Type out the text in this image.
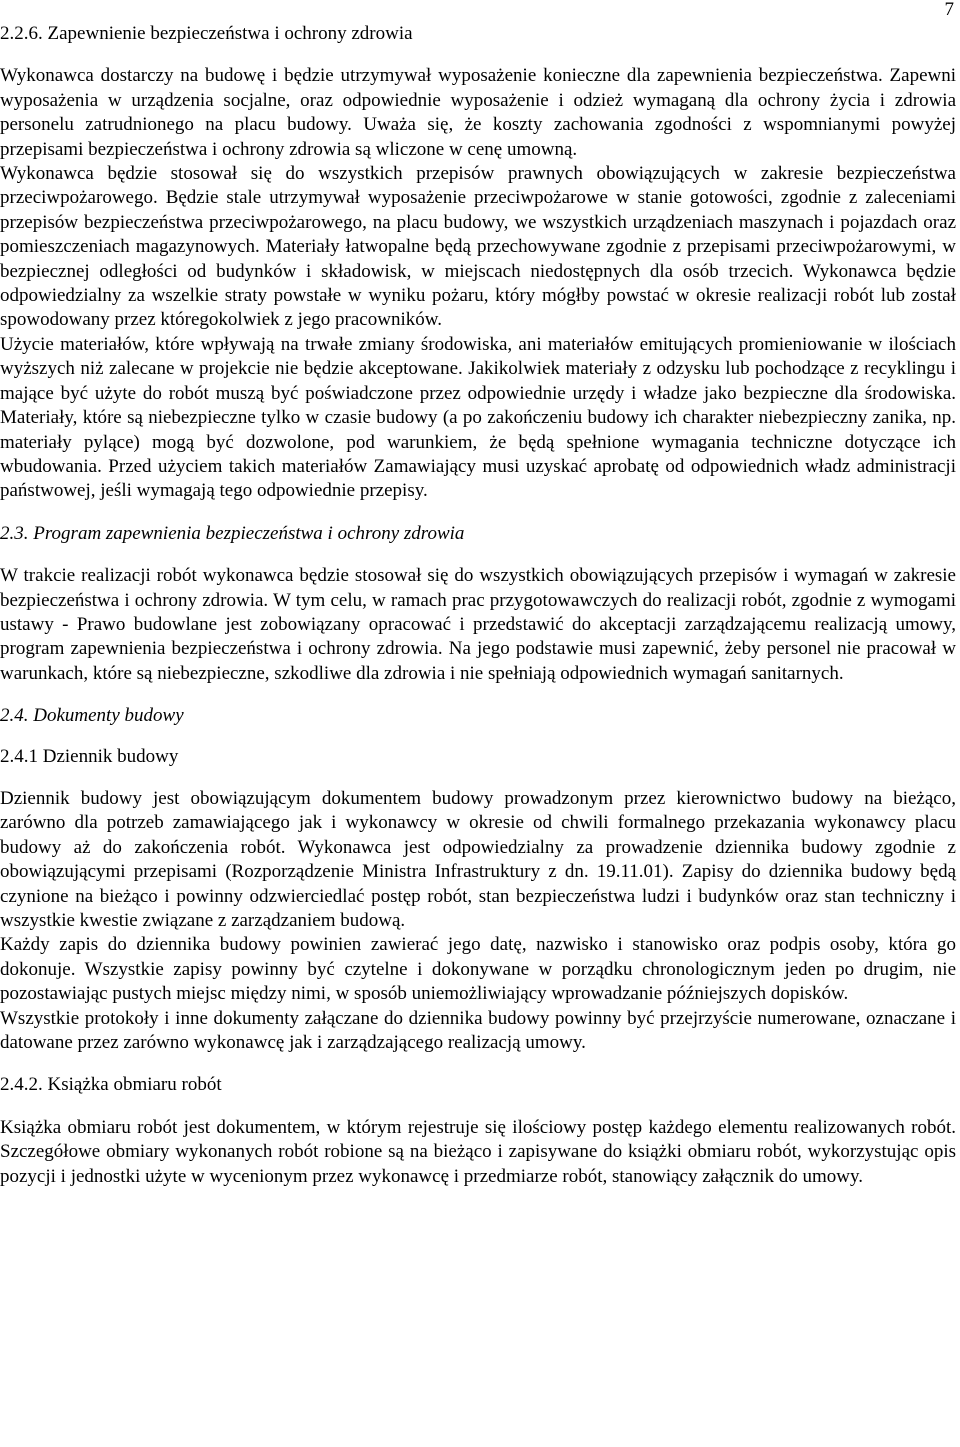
7
2.2.6. Zapewnienie bezpieczeństwa i ochrony zdrowia

Wykonawca dostarczy na budowę i będzie utrzymywał wyposażenie konieczne dla zapewnienia bezpieczeństwa. Zapewni wyposażenia w urządzenia socjalne, oraz odpowiednie wyposażenie i odzież wymaganą dla ochrony życia i zdrowia personelu zatrudnionego na placu budowy. Uważa się, że koszty zachowania zgodności z wspomnianymi powyżej przepisami bezpieczeństwa i ochrony zdrowia są wliczone w cenę umowną.

Wykonawca będzie stosował się do wszystkich przepisów prawnych obowiązujących w zakresie bezpieczeństwa przeciwpożarowego. Będzie stale utrzymywał wyposażenie przeciwpożarowe w stanie gotowości, zgodnie z zaleceniami przepisów bezpieczeństwa przeciwpożarowego, na placu budowy, we wszystkich urządzeniach maszynach i pojazdach oraz pomieszczeniach magazynowych. Materiały łatwopalne będą przechowywane zgodnie z przepisami przeciwpożarowymi, w bezpiecznej odległości od budynków i składowisk, w miejscach niedostępnych dla osób trzecich. Wykonawca będzie odpowiedzialny za wszelkie straty powstałe w wyniku pożaru, który mógłby powstać w okresie realizacji robót lub został spowodowany przez któregokolwiek z jego pracowników.

Użycie materiałów, które wpływają na trwałe zmiany środowiska, ani materiałów emitujących promieniowanie w ilościach wyższych niż zalecane w projekcie nie będzie akceptowane. Jakikolwiek materiały z odzysku lub pochodzące z recyklingu i mające być użyte do robót muszą być poświadczone przez odpowiednie urzędy i władze jako bezpieczne dla środowiska. Materiały, które są niebezpieczne tylko w czasie budowy (a po zakończeniu budowy ich charakter niebezpieczny zanika, np. materiały pylące) mogą być dozwolone, pod warunkiem, że będą spełnione wymagania techniczne dotyczące ich wbudowania. Przed użyciem takich materiałów Zamawiający musi uzyskać aprobatę od odpowiednich władz administracji państwowej, jeśli wymagają tego odpowiednie przepisy.

2.3. Program zapewnienia bezpieczeństwa i ochrony zdrowia

W trakcie realizacji robót wykonawca będzie stosował się do wszystkich obowiązujących przepisów i wymagań w zakresie bezpieczeństwa i ochrony zdrowia. W tym celu, w ramach prac przygotowawczych do realizacji robót, zgodnie z wymogami ustawy - Prawo budowlane jest zobowiązany opracować i przedstawić do akceptacji zarządzającemu realizacją umowy, program zapewnienia bezpieczeństwa i ochrony zdrowia. Na jego podstawie musi zapewnić, żeby personel nie pracował w warunkach, które są niebezpieczne, szkodliwe dla zdrowia i nie spełniają odpowiednich wymagań sanitarnych.

2.4. Dokumenty budowy
2.4.1 Dziennik budowy

Dziennik budowy jest obowiązującym dokumentem budowy prowadzonym przez kierownictwo budowy na bieżąco, zarówno dla potrzeb zamawiającego jak i wykonawcy w okresie od chwili formalnego przekazania wykonawcy placu budowy aż do zakończenia robót. Wykonawca jest odpowiedzialny za prowadzenie dziennika budowy zgodnie z obowiązującymi przepisami (Rozporządzenie Ministra Infrastruktury z dn. 19.11.01). Zapisy do dziennika budowy będą czynione na bieżąco i powinny odzwierciedlać postęp robót, stan bezpieczeństwa ludzi i budynków oraz stan techniczny i wszystkie kwestie związane z zarządzaniem budową.

Każdy zapis do dziennika budowy powinien zawierać jego datę, nazwisko i stanowisko oraz podpis osoby, która go dokonuje. Wszystkie zapisy powinny być czytelne i dokonywane w porządku chronologicznym jeden po drugim, nie pozostawiając pustych miejsc między nimi, w sposób uniemożliwiający wprowadzanie późniejszych dopisków.

Wszystkie protokoły i inne dokumenty załączane do dziennika budowy powinny być przejrzyście numerowane, oznaczane i datowane przez zarówno wykonawcę jak i zarządzającego realizacją umowy.

2.4.2. Książka obmiaru robót

Książka obmiaru robót jest dokumentem, w którym rejestruje się ilościowy postęp każdego elementu realizowanych robót. Szczegółowe obmiary wykonanych robót robione są na bieżąco i zapisywane do książki obmiaru robót, wykorzystując opis pozycji i jednostki użyte w wycenionym przez wykonawcę i przedmiarze robót, stanowiący załącznik do umowy.
